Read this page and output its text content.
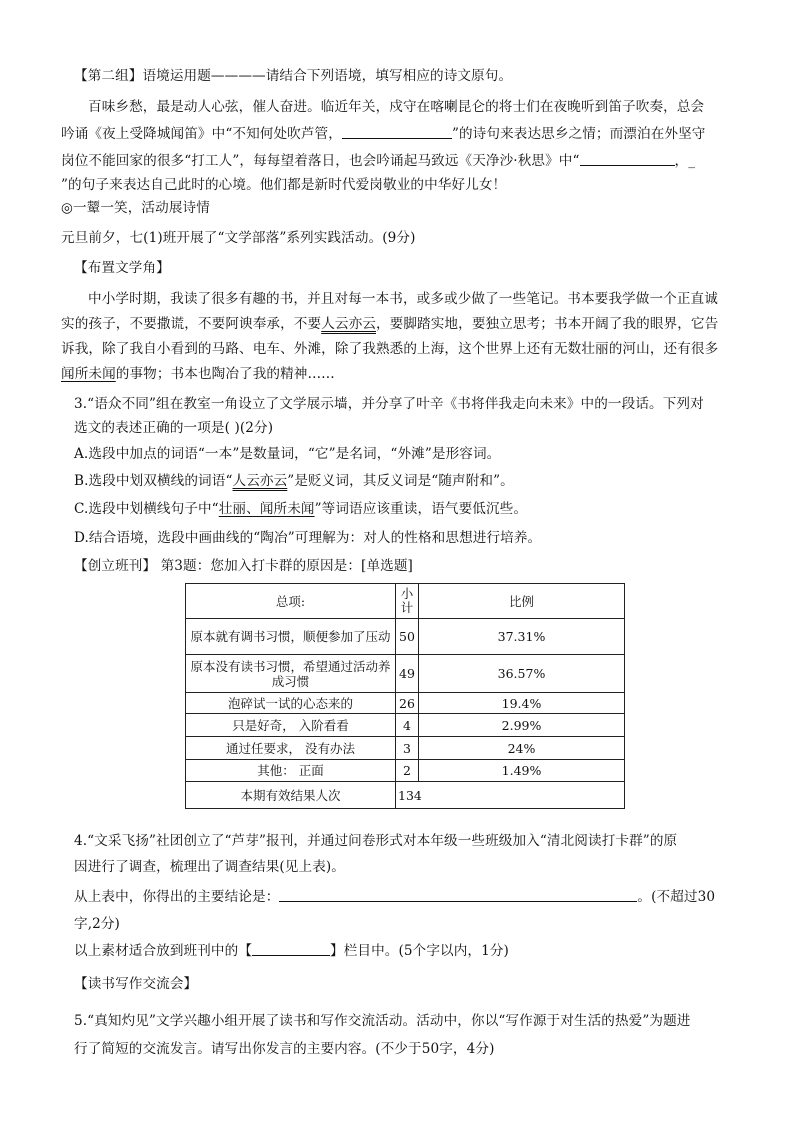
【第二组】语境运用题————请结合下列语境，填写相应的诗文原句。
百味乡愁，最是动人心弦，催人奋进。临近年关，戍守在喀喇昆仑的将士们在夜晚听到笛子吹奏，总会
吟诵《夜上受降城闻笛》中“不知何处吹芦管，	”的诗句来表达思乡之情；而漂泊在外坚守
岗位不能回家的很多“打工人”，每每望着落日，也会吟诵起马致远《天净沙·秋思》中“	，_
”的句子来表达自己此时的心境。他们都是新时代爱岗敬业的中华好儿女！
◎一颦一笑，活动展诗情
元旦前夕，七(1)班开展了“文学部落”系列实践活动。(9分)
【布置文学角】
中小学时期，我读了很多有趣的书，并且对每一本书，或多或少做了一些笔记。书本要我学做一个正直诚
实的孩子，不要撒谎，不要阿谀奉承，不要人云亦云，要脚踏实地，要独立思考；书本开阔了我的眼界，它告
诉我，除了我自小看到的马路、电车、外滩，除了我熟悉的上海，这个世界上还有无数壮丽的河山，还有很多
闻所未闻的事物；书本也陶冶了我的精神……
3.“语众不同”组在教室一角设立了文学展示墙，并分享了叶辛《书将伴我走向未来》中的一段话。下列对
选文的表述正确的一项是( )(2分)
A.选段中加点的词语“一本”是数量词，“它”是名词，“外滩”是形容词。
B.选段中划双横线的词语“人云亦云”是贬义词，其反义词是“随声附和”。
C.选段中划横线句子中“壮丽、闻所未闻”等词语应该重读，语气要低沉些。
D.结合语境，选段中画曲线的“陶冶”可理解为：对人的性格和思想进行培养。
【创立班刊】 第3题：您加入打卡群的原因是：[单选题]
总项:	小计	比例
原本就有调书习惯，顺便参加了压动	50	37.31%
原本没有读书习惯，希望通过活动养成习惯	49	36.57%
泡碎试一试的心态来的	26	19.4%
只是好奇， 入阶看看	4	2.99%
通过任要求， 没有办法	3	24%
其他： 正面	2	1.49%
本期有效结果人次	134	
4.“文采飞扬”社团创立了“芦芽”报刊，并通过问卷形式对本年级一些班级加入“清北阅读打卡群”的原
因进行了调查，梳理出了调查结果(见上表)。
从上表中，你得出的主要结论是：	。(不超过30
字,2分)
以上素材适合放到班刊中的【	】栏目中。(5个字以内，1分)
【读书写作交流会】
5.“真知灼见”文学兴趣小组开展了读书和写作交流活动。活动中，你以“写作源于对生活的热爱”为题进
行了简短的交流发言。请写出你发言的主要内容。(不少于50字，4分)
